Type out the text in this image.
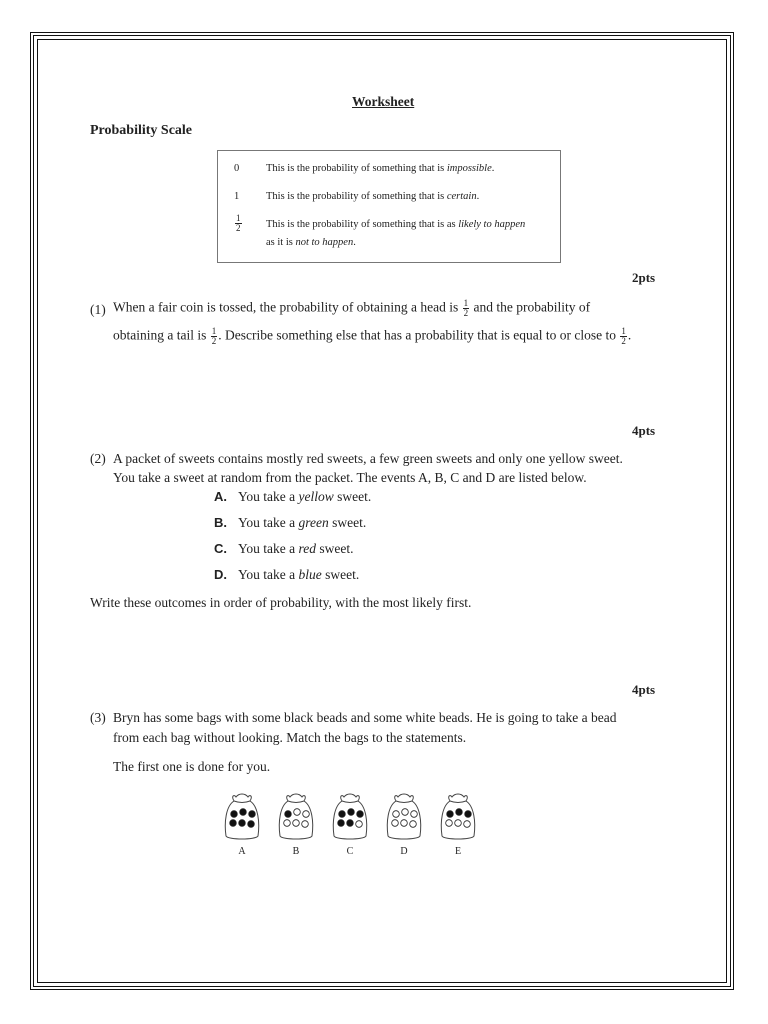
Worksheet
Probability Scale
0	This is the probability of something that is impossible.
1	This is the probability of something that is certain.
$\frac{1}{2}$ This is the probability of something that is as likely to happen
as it is not to happen.
2pts
(1) When a fair coin is tossed, the probability of obtaining a head is $\frac{1}{2}$ and the probability of
obtaining a tail is $\frac{1}{2}$ . Describe something else that has a probability that is equal to or close to $\frac{1}{2}$ .
4pts
(2) A packet of sweets contains mostly red sweets, a few green sweets and only one yellow sweet.
You take a sweet at random from the packet. The events A, B, C and D are listed below.
A. You take a yellow sweet.
B. You take a green sweet.
C. You take a red sweet.
D. You take a blue sweet.
Write these outcomes in order of probability, with the most likely first.
4pts
(3) Bryn has some bags with some black beads and some white beads. He is going to take a bead
from each bag without looking. Match the bags to the statements.
The first one is done for you.
A	B	C	D	E
